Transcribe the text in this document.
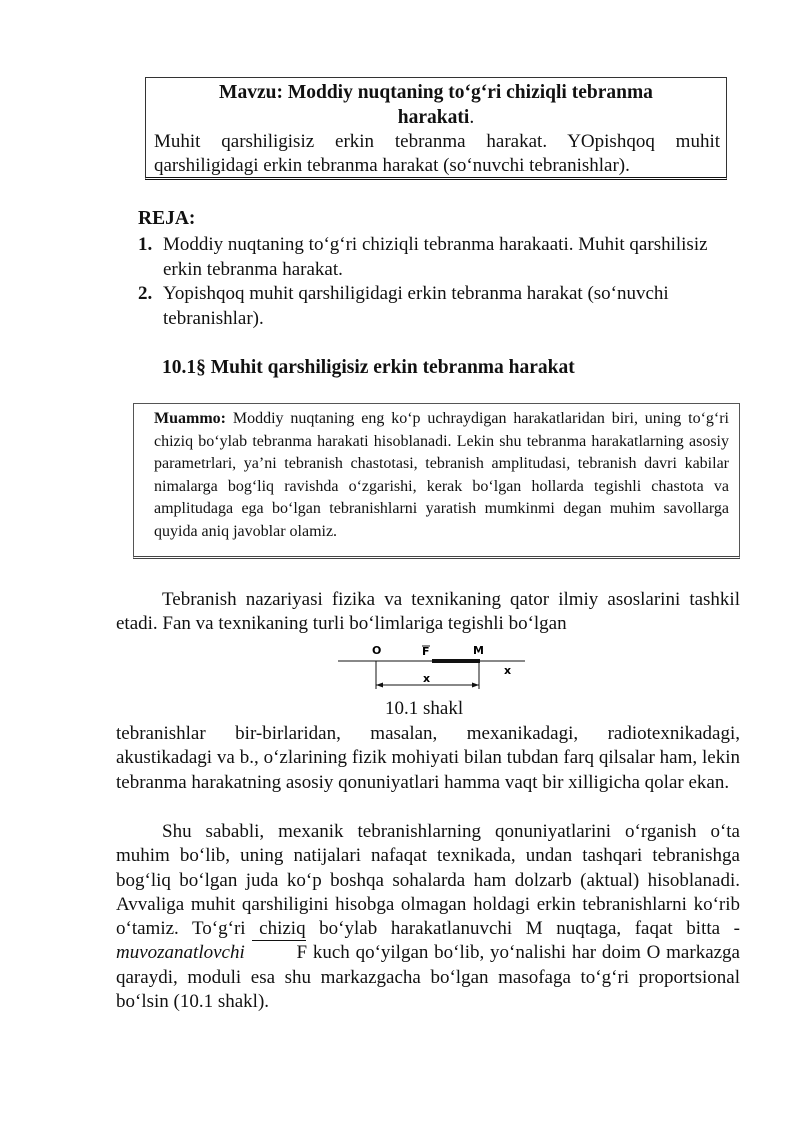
Mavzu: Moddiy nuqtaning to‘g‘ri chiziqli tebranma
harakati.
Muhit qarshiligisiz erkin tebranma harakat. YOpishqoq muhit qarshiligidagi erkin tebranma harakat (so‘nuvchi tebranishlar).
REJA:
1. Moddiy nuqtaning to‘g‘ri chiziqli tebranma harakaati. Muhit qarshilisiz erkin tebranma harakat.
2. Yopishqoq muhit qarshiligidagi erkin tebranma harakat (so‘nuvchi tebranishlar).
10.1§ Muhit qarshiligisiz erkin tebranma harakat
Muammo: Moddiy nuqtaning eng ko‘p uchraydigan harakatlaridan biri, uning to‘g‘ri chiziq bo‘ylab tebranma harakati hisoblanadi. Lekin shu tebranma harakatlarning asosiy parametrlari, ya’ni tebranish chastotasi, tebranish amplitudasi, tebranish davri kabilar nimalarga bog‘liq ravishda o‘zgarishi, kerak bo‘lgan hollarda tegishli chastota va amplitudaga ega bo‘lgan tebranishlarni yaratish mumkinmi degan muhim savollarga quyida aniq javoblar olamiz.
Tebranish nazariyasi fizika va texnikaning qator ilmiy asoslarini tashkil etadi. Fan va texnikaning turli bo‘limlariga tegishli bo‘lgan
O	F	M
x
x
10.1 shakl
tebranishlar bir-birlaridan, masalan, mexanikadagi, radiotexnikadagi, akustikadagi va b., o‘zlarining fizik mohiyati bilan tubdan farq qilsalar ham, lekin tebranma harakatning asosiy qonuniyatlari hamma vaqt bir xilligicha qolar ekan.
Shu sababli, mexanik tebranishlarning qonuniyatlarini o‘rganish o‘ta muhim bo‘lib, uning natijalari nafaqat texnikada, undan tashqari tebranishga bog‘liq bo‘lgan juda ko‘p boshqa sohalarda ham dolzarb (aktual) hisoblanadi. Avvaliga muhit qarshiligini hisobga olmagan holdagi erkin tebranishlarni ko‘rib o‘tamiz. To‘g‘ri chiziq bo‘ylab harakatlanuvchi M nuqtaga, faqat bitta -muvozanatlovchi	F kuch qo‘yilgan bo‘lib, yo‘nalishi har doim O markazga qaraydi, moduli esa shu markazgacha bo‘lgan masofaga to‘g‘ri proportsional bo‘lsin (10.1 shakl).
